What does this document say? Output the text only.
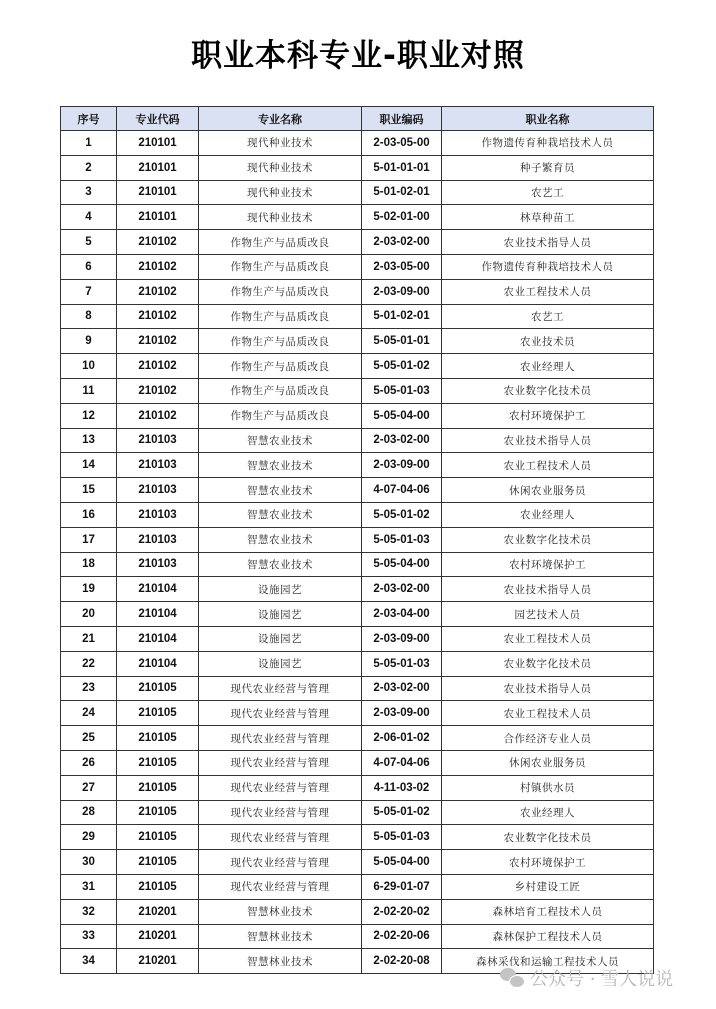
职业本科专业-职业对照
序号	专业代码	专业名称	职业编码	职业名称
1	210101	现代种业技术	2-03-05-00	作物遗传育种栽培技术人员
2	210101	现代种业技术	5-01-01-01	种子繁育员
3	210101	现代种业技术	5-01-02-01	农艺工
4	210101	现代种业技术	5-02-01-00	林草种苗工
5	210102	作物生产与品质改良	2-03-02-00	农业技术指导人员
6	210102	作物生产与品质改良	2-03-05-00	作物遗传育种栽培技术人员
7	210102	作物生产与品质改良	2-03-09-00	农业工程技术人员
8	210102	作物生产与品质改良	5-01-02-01	农艺工
9	210102	作物生产与品质改良	5-05-01-01	农业技术员
10	210102	作物生产与品质改良	5-05-01-02	农业经理人
11	210102	作物生产与品质改良	5-05-01-03	农业数字化技术员
12	210102	作物生产与品质改良	5-05-04-00	农村环境保护工
13	210103	智慧农业技术	2-03-02-00	农业技术指导人员
14	210103	智慧农业技术	2-03-09-00	农业工程技术人员
15	210103	智慧农业技术	4-07-04-06	休闲农业服务员
16	210103	智慧农业技术	5-05-01-02	农业经理人
17	210103	智慧农业技术	5-05-01-03	农业数字化技术员
18	210103	智慧农业技术	5-05-04-00	农村环境保护工
19	210104	设施园艺	2-03-02-00	农业技术指导人员
20	210104	设施园艺	2-03-04-00	园艺技术人员
21	210104	设施园艺	2-03-09-00	农业工程技术人员
22	210104	设施园艺	5-05-01-03	农业数字化技术员
23	210105	现代农业经营与管理	2-03-02-00	农业技术指导人员
24	210105	现代农业经营与管理	2-03-09-00	农业工程技术人员
25	210105	现代农业经营与管理	2-06-01-02	合作经济专业人员
26	210105	现代农业经营与管理	4-07-04-06	休闲农业服务员
27	210105	现代农业经营与管理	4-11-03-02	村镇供水员
28	210105	现代农业经营与管理	5-05-01-02	农业经理人
29	210105	现代农业经营与管理	5-05-01-03	农业数字化技术员
30	210105	现代农业经营与管理	5-05-04-00	农村环境保护工
31	210105	现代农业经营与管理	6-29-01-07	乡村建设工匠
32	210201	智慧林业技术	2-02-20-02	森林培育工程技术人员
33	210201	智慧林业技术	2-02-20-06	森林保护工程技术人员
34	210201	智慧林业技术	2-02-20-08	森林采伐和运输工程技术人员
公众号 · 雪人说说
